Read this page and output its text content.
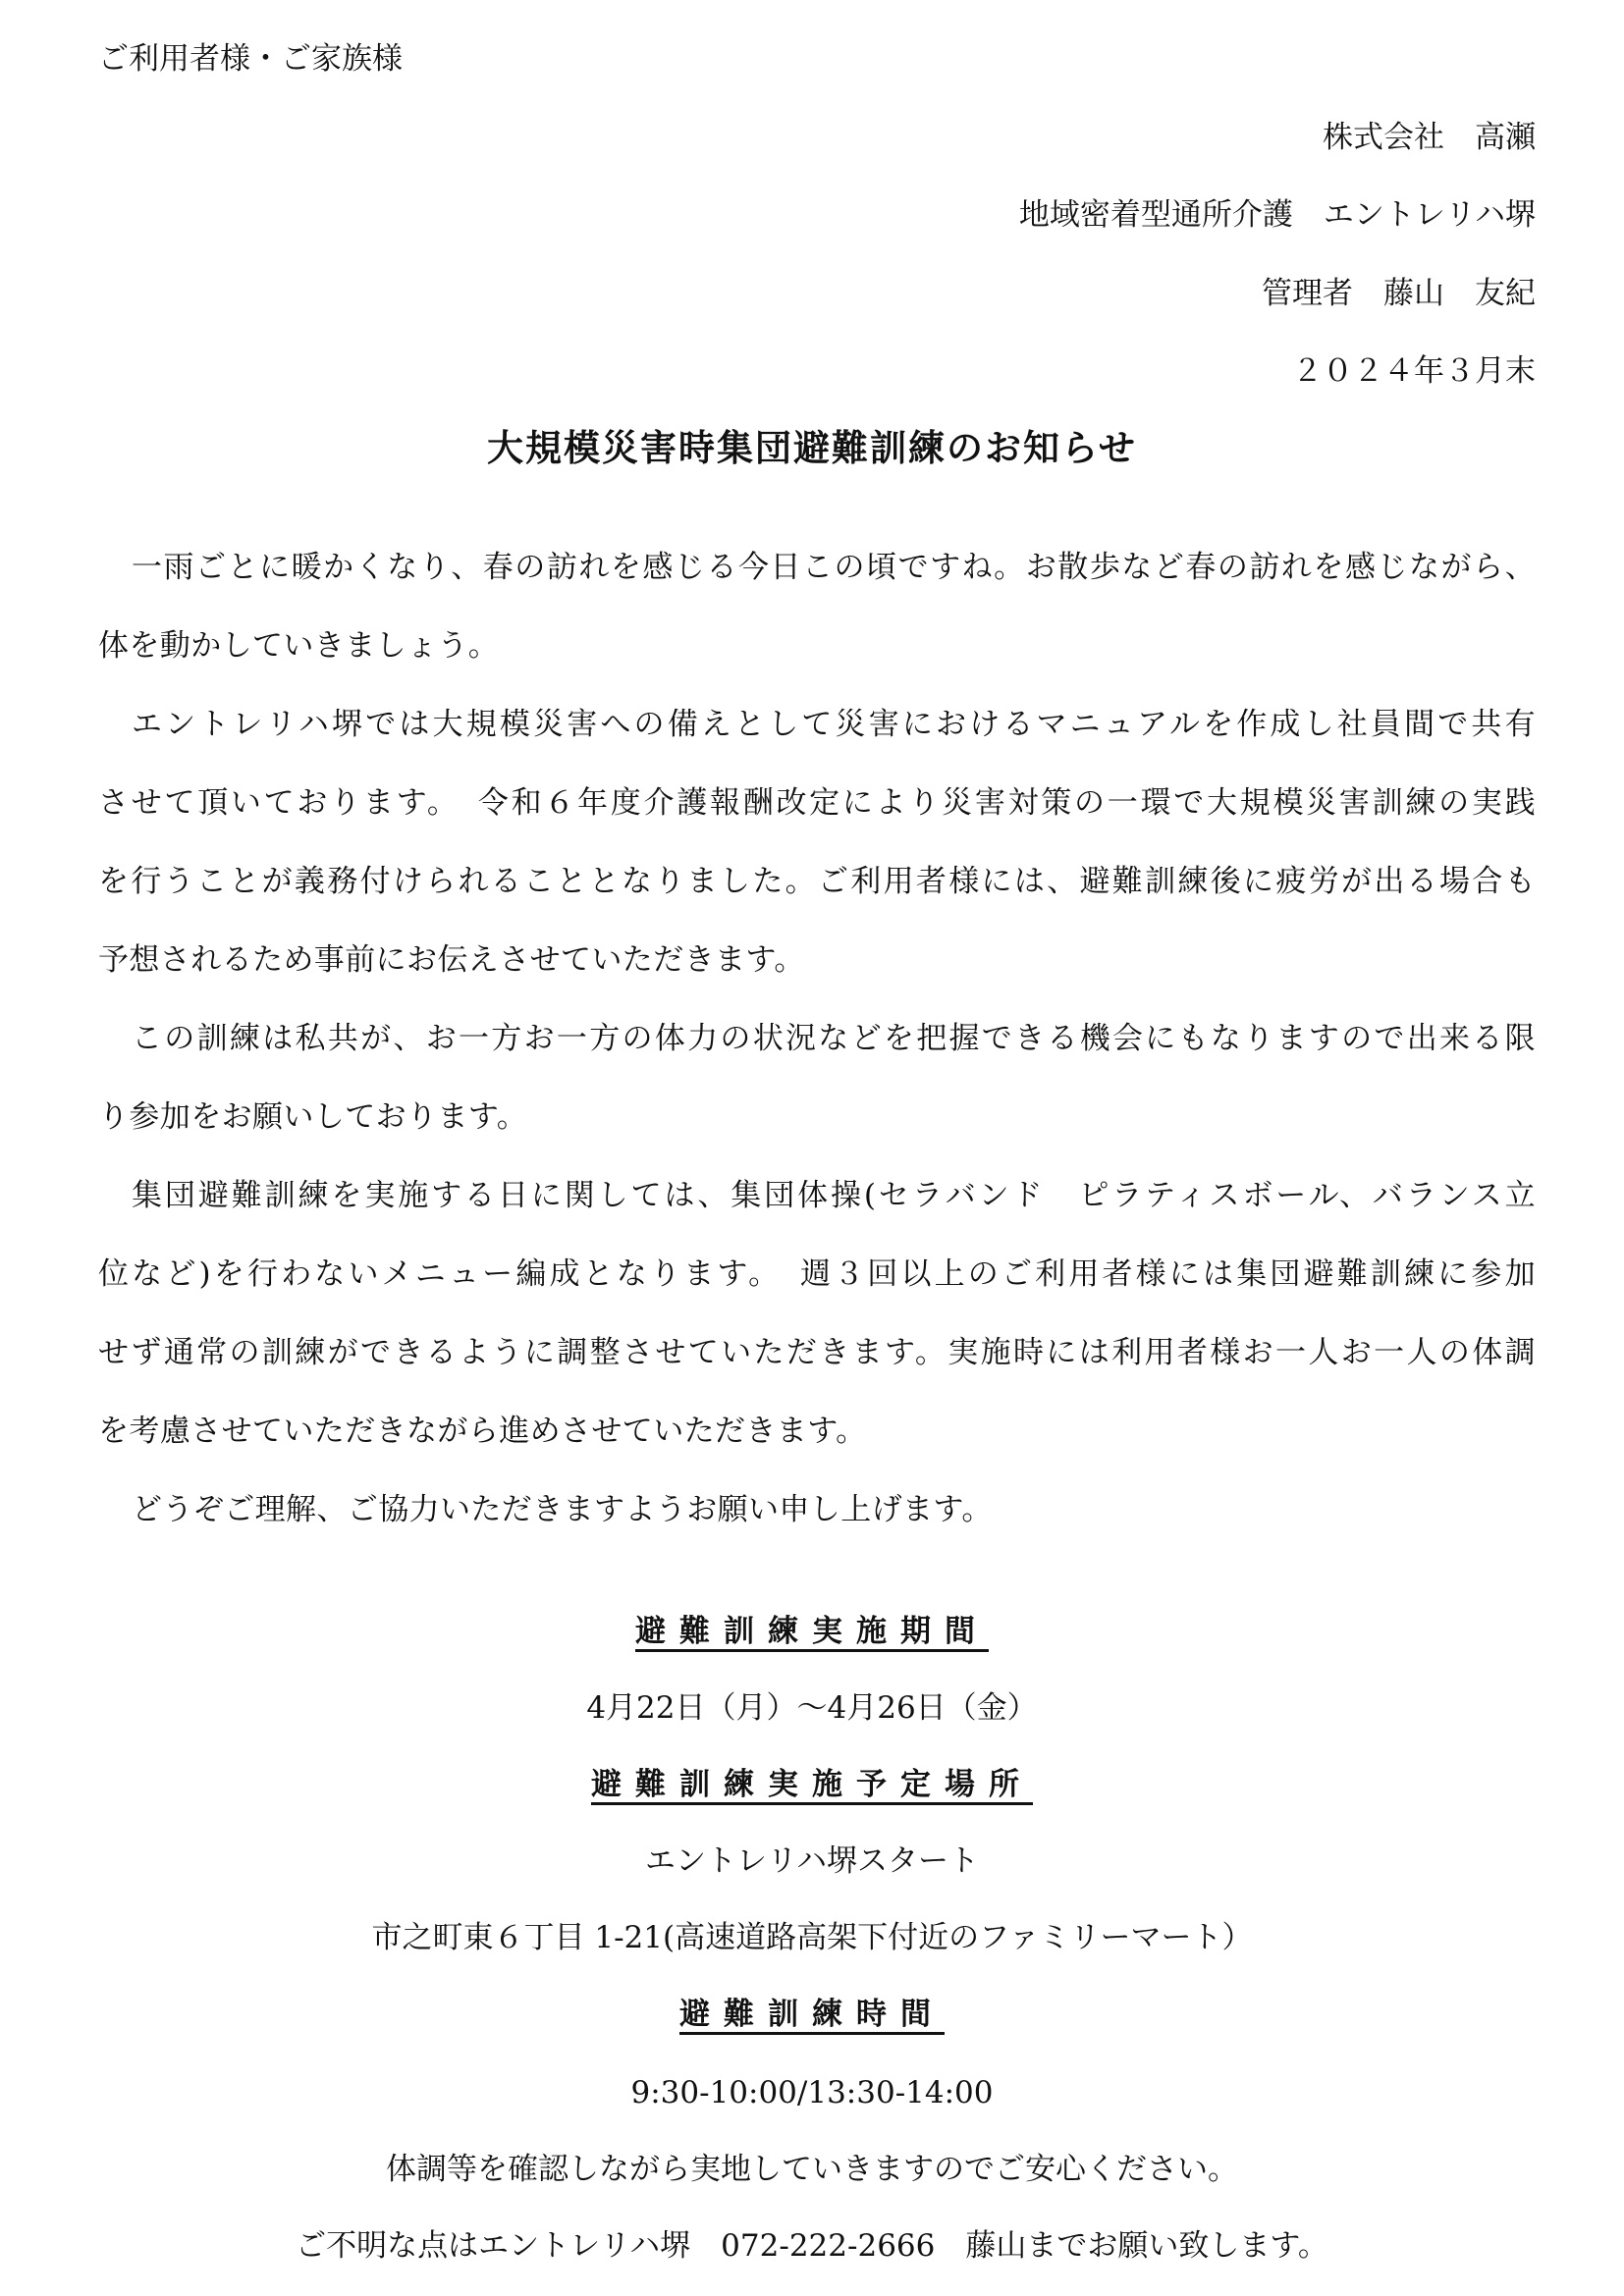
ご利用者様・ご家族様
株式会社　高瀬
地域密着型通所介護　エントレリハ堺
管理者　藤山　友紀
２０２４年３月末
大規模災害時集団避難訓練のお知らせ
一雨ごとに暖かくなり、春の訪れを感じる今日この頃ですね。お散歩など春の訪れを感じながら、
体を動かしていきましょう。
エントレリハ堺では大規模災害への備えとして災害におけるマニュアルを作成し社員間で共有
させて頂いております。　令和６年度介護報酬改定により災害対策の一環で大規模災害訓練の実践
を行うことが義務付けられることとなりました。ご利用者様には、避難訓練後に疲労が出る場合も
予想されるため事前にお伝えさせていただきます。
この訓練は私共が、お一方お一方の体力の状況などを把握できる機会にもなりますので出来る限
り参加をお願いしております。
集団避難訓練を実施する日に関しては、集団体操(セラバンド　ピラティスボール、バランス立
位など)を行わないメニュー編成となります。　週３回以上のご利用者様には集団避難訓練に参加
せず通常の訓練ができるように調整させていただきます。実施時には利用者様お一人お一人の体調
を考慮させていただきながら進めさせていただきます。
どうぞご理解、ご協力いただきますようお願い申し上げます。
避難訓練実施期間
4月22日（月）～4月26日（金）
避難訓練実施予定場所
エントレリハ堺スタート
市之町東６丁目 1-21(高速道路高架下付近のファミリーマート）
避難訓練時間
9:30-10:00/13:30-14:00
体調等を確認しながら実地していきますのでご安心ください。
ご不明な点はエントレリハ堺　072-222-2666　藤山までお願い致します。
